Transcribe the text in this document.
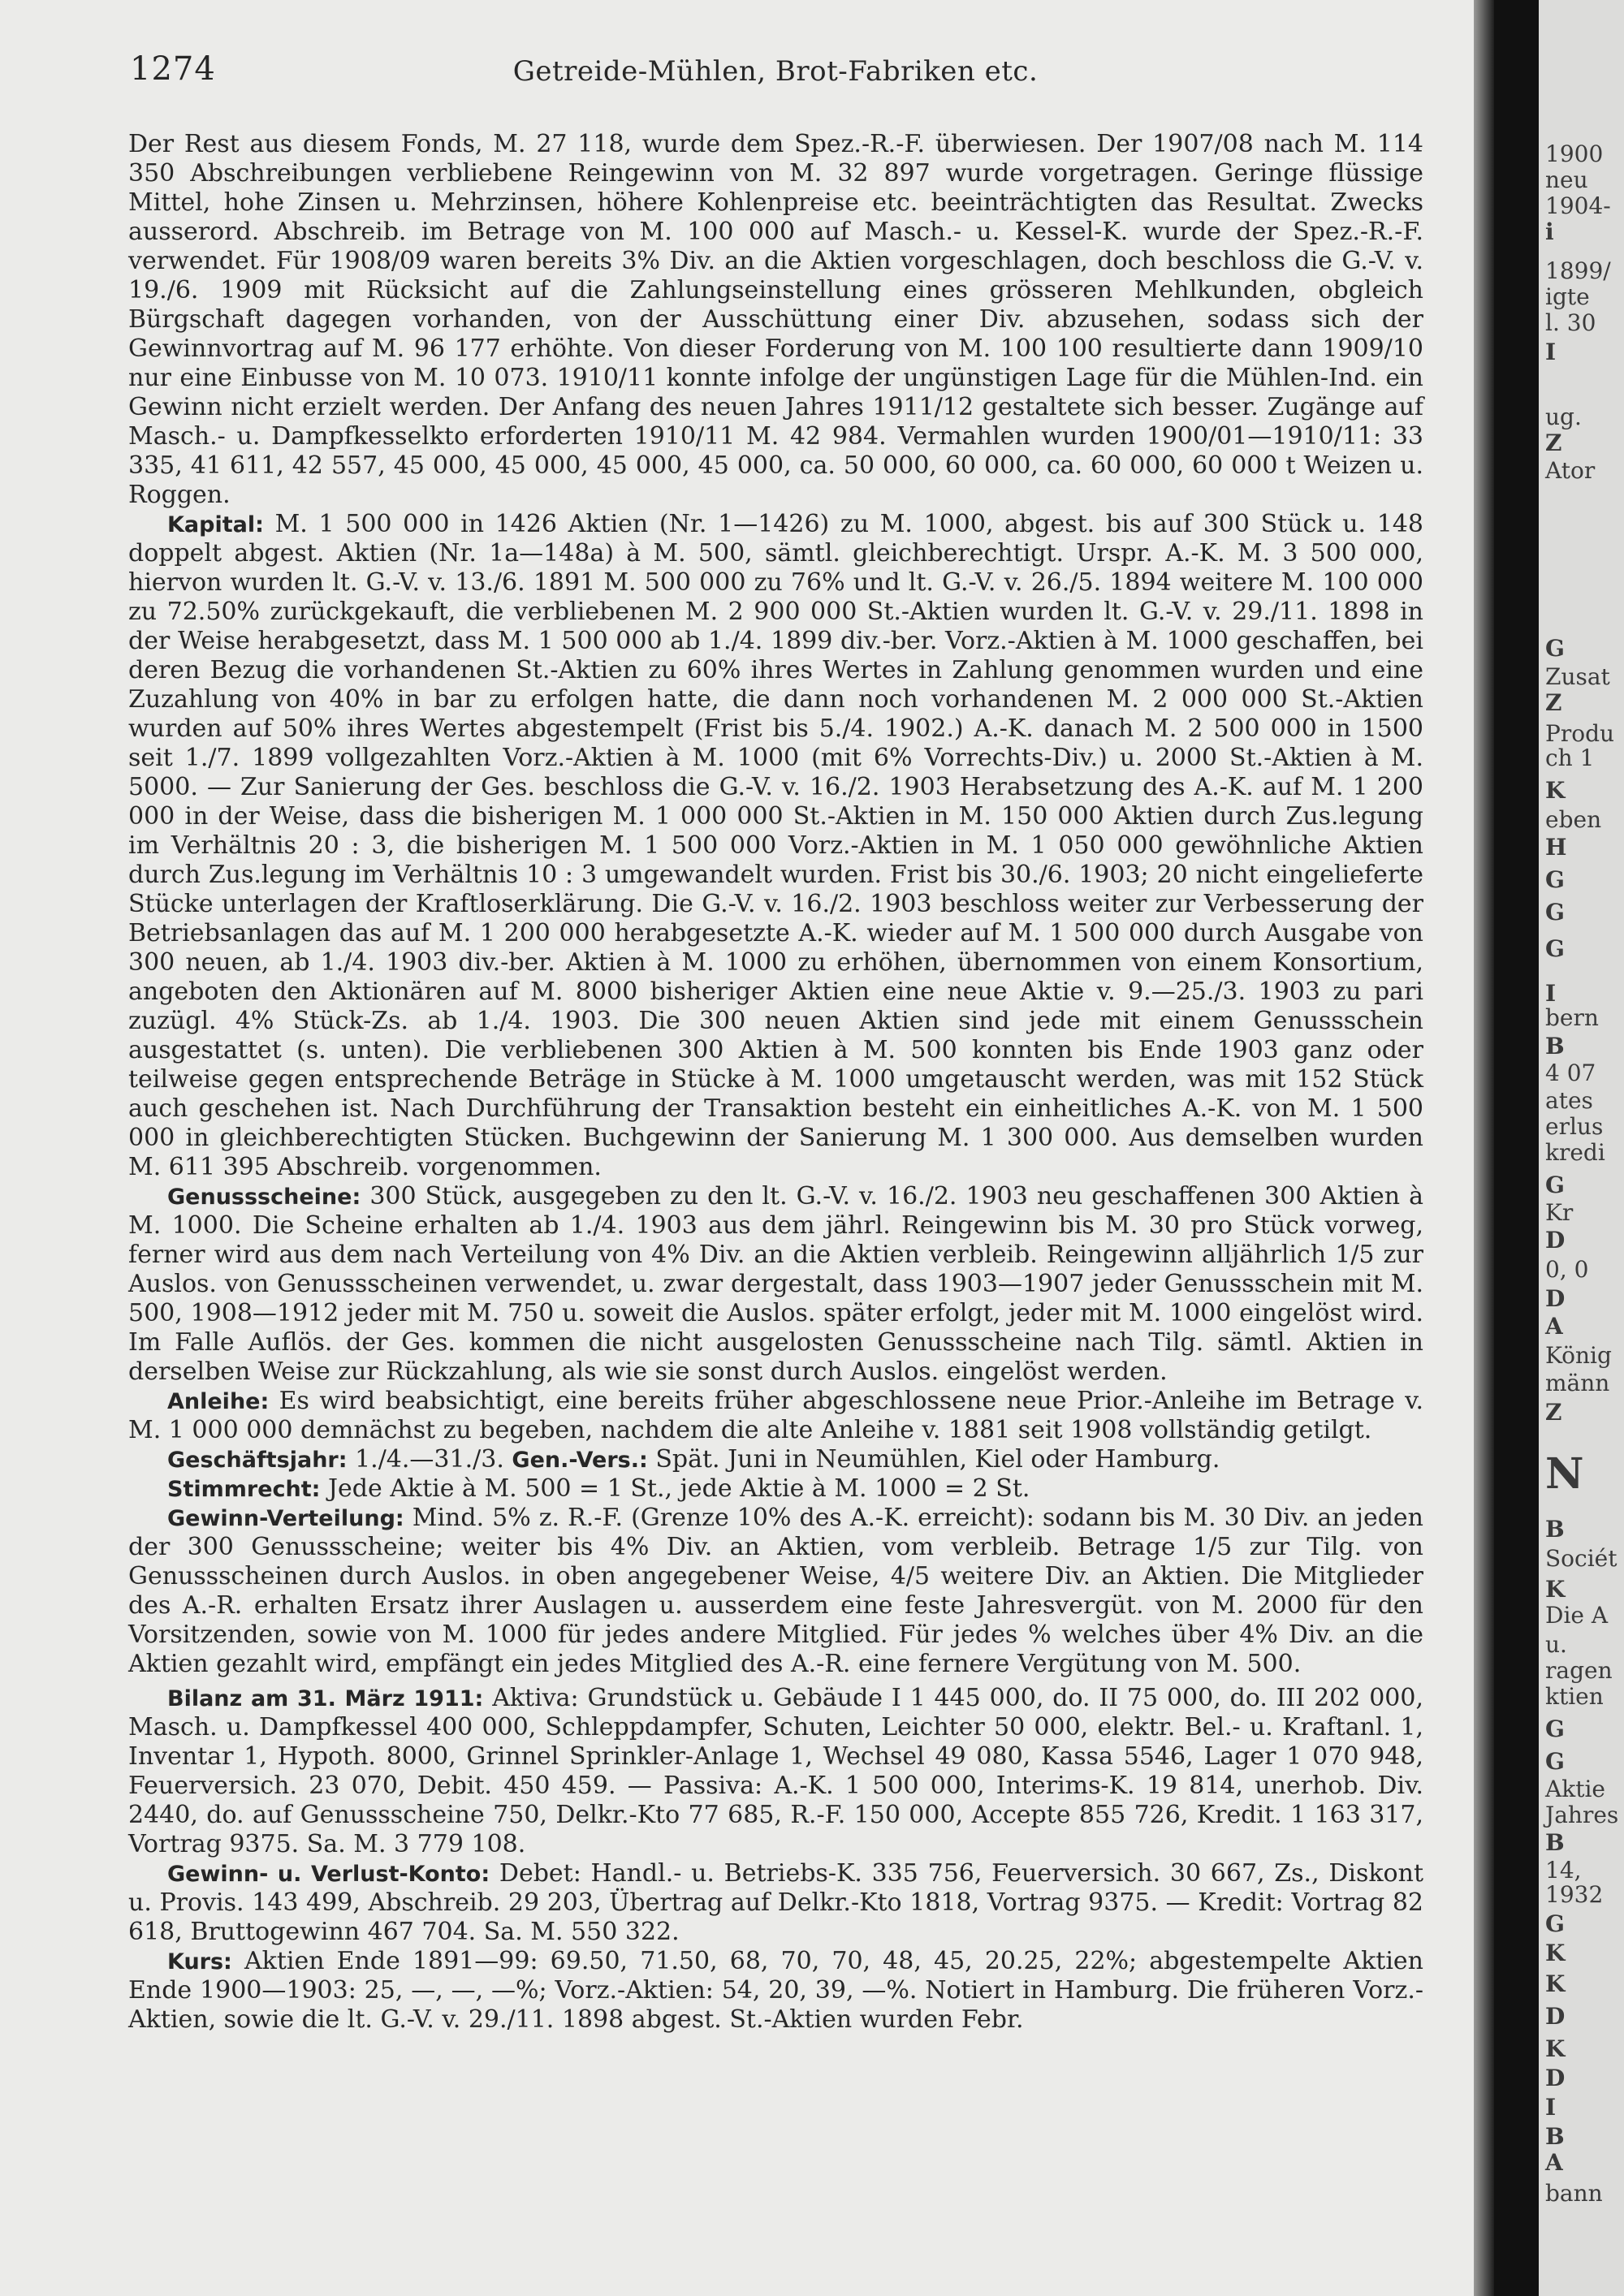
1274	Getreide-Mühlen, Brot-Fabriken etc.

Der Rest aus diesem Fonds, M. 27 118, wurde dem Spez.-R.-F. überwiesen. Der 1907/08 nach M. 114 350 Abschreibungen verbliebene Reingewinn von M. 32 897 wurde vorgetragen. Geringe flüssige Mittel, hohe Zinsen u. Mehrzinsen, höhere Kohlenpreise etc. beeinträchtigten das Resultat. Zwecks ausserord. Abschreib. im Betrage von M. 100 000 auf Masch.- u. Kessel-K. wurde der Spez.-R.-F. verwendet. Für 1908/09 waren bereits 3% Div. an die Aktien vorgeschlagen, doch beschloss die G.-V. v. 19./6. 1909 mit Rücksicht auf die Zahlungseinstellung eines grösseren Mehlkunden, obgleich Bürgschaft dagegen vorhanden, von der Ausschüttung einer Div. abzusehen, sodass sich der Gewinnvortrag auf M. 96 177 erhöhte. Von dieser Forderung von M. 100 100 resultierte dann 1909/10 nur eine Einbusse von M. 10 073. 1910/11 konnte infolge der ungünstigen Lage für die Mühlen-Ind. ein Gewinn nicht erzielt werden. Der Anfang des neuen Jahres 1911/12 gestaltete sich besser. Zugänge auf Masch.- u. Dampfkesselkto erforderten 1910/11 M. 42 984. Vermahlen wurden 1900/01—1910/11: 33 335, 41 611, 42 557, 45 000, 45 000, 45 000, 45 000, ca. 50 000, 60 000, ca. 60 000, 60 000 t Weizen u. Roggen.

Kapital: M. 1 500 000 in 1426 Aktien (Nr. 1—1426) zu M. 1000, abgest. bis auf 300 Stück u. 148 doppelt abgest. Aktien (Nr. 1a—148a) à M. 500, sämtl. gleichberechtigt. Urspr. A.-K. M. 3 500 000, hiervon wurden lt. G.-V. v. 13./6. 1891 M. 500 000 zu 76% und lt. G.-V. v. 26./5. 1894 weitere M. 100 000 zu 72.50% zurückgekauft, die verbliebenen M. 2 900 000 St.-Aktien wurden lt. G.-V. v. 29./11. 1898 in der Weise herabgesetzt, dass M. 1 500 000 ab 1./4. 1899 div.-ber. Vorz.-Aktien à M. 1000 geschaffen, bei deren Bezug die vorhandenen St.-Aktien zu 60% ihres Wertes in Zahlung genommen wurden und eine Zuzahlung von 40% in bar zu erfolgen hatte, die dann noch vorhandenen M. 2 000 000 St.-Aktien wurden auf 50% ihres Wertes abgestempelt (Frist bis 5./4. 1902.) A.-K. danach M. 2 500 000 in 1500 seit 1./7. 1899 vollgezahlten Vorz.-Aktien à M. 1000 (mit 6% Vorrechts-Div.) u. 2000 St.-Aktien à M. 5000. — Zur Sanierung der Ges. beschloss die G.-V. v. 16./2. 1903 Herabsetzung des A.-K. auf M. 1 200 000 in der Weise, dass die bisherigen M. 1 000 000 St.-Aktien in M. 150 000 Aktien durch Zus.legung im Verhältnis 20 : 3, die bisherigen M. 1 500 000 Vorz.-Aktien in M. 1 050 000 gewöhnliche Aktien durch Zus.legung im Verhältnis 10 : 3 umgewandelt wurden. Frist bis 30./6. 1903; 20 nicht eingelieferte Stücke unterlagen der Kraftloserklärung. Die G.-V. v. 16./2. 1903 beschloss weiter zur Verbesserung der Betriebsanlagen das auf M. 1 200 000 herabgesetzte A.-K. wieder auf M. 1 500 000 durch Ausgabe von 300 neuen, ab 1./4. 1903 div.-ber. Aktien à M. 1000 zu erhöhen, übernommen von einem Konsortium, angeboten den Aktionären auf M. 8000 bisheriger Aktien eine neue Aktie v. 9.—25./3. 1903 zu pari zuzügl. 4% Stück-Zs. ab 1./4. 1903. Die 300 neuen Aktien sind jede mit einem Genussschein ausgestattet (s. unten). Die verbliebenen 300 Aktien à M. 500 konnten bis Ende 1903 ganz oder teilweise gegen entsprechende Beträge in Stücke à M. 1000 umgetauscht werden, was mit 152 Stück auch geschehen ist. Nach Durchführung der Transaktion besteht ein einheitliches A.-K. von M. 1 500 000 in gleichberechtigten Stücken. Buchgewinn der Sanierung M. 1 300 000. Aus demselben wurden M. 611 395 Abschreib. vorgenommen.

Genussscheine: 300 Stück, ausgegeben zu den lt. G.-V. v. 16./2. 1903 neu geschaffenen 300 Aktien à M. 1000. Die Scheine erhalten ab 1./4. 1903 aus dem jährl. Reingewinn bis M. 30 pro Stück vorweg, ferner wird aus dem nach Verteilung von 4% Div. an die Aktien verbleib. Reingewinn alljährlich 1/5 zur Auslos. von Genussscheinen verwendet, u. zwar dergestalt, dass 1903—1907 jeder Genussschein mit M. 500, 1908—1912 jeder mit M. 750 u. soweit die Auslos. später erfolgt, jeder mit M. 1000 eingelöst wird. Im Falle Auflös. der Ges. kommen die nicht ausgelosten Genussscheine nach Tilg. sämtl. Aktien in derselben Weise zur Rückzahlung, als wie sie sonst durch Auslos. eingelöst werden.

Anleihe: Es wird beabsichtigt, eine bereits früher abgeschlossene neue Prior.-Anleihe im Betrage v. M. 1 000 000 demnächst zu begeben, nachdem die alte Anleihe v. 1881 seit 1908 vollständig getilgt.

Geschäftsjahr: 1./4.—31./3. Gen.-Vers.: Spät. Juni in Neumühlen, Kiel oder Hamburg.

Stimmrecht: Jede Aktie à M. 500 = 1 St., jede Aktie à M. 1000 = 2 St.

Gewinn-Verteilung: Mind. 5% z. R.-F. (Grenze 10% des A.-K. erreicht): sodann bis M. 30 Div. an jeden der 300 Genussscheine; weiter bis 4% Div. an Aktien, vom verbleib. Betrage 1/5 zur Tilg. von Genussscheinen durch Auslos. in oben angegebener Weise, 4/5 weitere Div. an Aktien. Die Mitglieder des A.-R. erhalten Ersatz ihrer Auslagen u. ausserdem eine feste Jahresvergüt. von M. 2000 für den Vorsitzenden, sowie von M. 1000 für jedes andere Mitglied. Für jedes % welches über 4% Div. an die Aktien gezahlt wird, empfängt ein jedes Mitglied des A.-R. eine fernere Vergütung von M. 500.

Bilanz am 31. März 1911: Aktiva: Grundstück u. Gebäude I 1 445 000, do. II 75 000, do. III 202 000, Masch. u. Dampfkessel 400 000, Schleppdampfer, Schuten, Leichter 50 000, elektr. Bel.- u. Kraftanl. 1, Inventar 1, Hypoth. 8000, Grinnel Sprinkler-Anlage 1, Wechsel 49 080, Kassa 5546, Lager 1 070 948, Feuerversich. 23 070, Debit. 450 459. — Passiva: A.-K. 1 500 000, Interims-K. 19 814, unerhob. Div. 2440, do. auf Genussscheine 750, Delkr.-Kto 77 685, R.-F. 150 000, Accepte 855 726, Kredit. 1 163 317, Vortrag 9375. Sa. M. 3 779 108.

Gewinn- u. Verlust-Konto: Debet: Handl.- u. Betriebs-K. 335 756, Feuerversich. 30 667, Zs., Diskont u. Provis. 143 499, Abschreib. 29 203, Übertrag auf Delkr.-Kto 1818, Vortrag 9375. — Kredit: Vortrag 82 618, Bruttogewinn 467 704. Sa. M. 550 322.

Kurs: Aktien Ende 1891—99: 69.50, 71.50, 68, 70, 70, 48, 45, 20.25, 22%; abgestempelte Aktien Ende 1900—1903: 25, —, —, —%; Vorz.-Aktien: 54, 20, 39, —%. Notiert in Hamburg. Die früheren Vorz.-Aktien, sowie die lt. G.-V. v. 29./11. 1898 abgest. St.-Aktien wurden Febr.

1900
neu
1904-
i
1899/
igte
l. 30
I
ug.
Z
Ator
G
Zusat
Z
Produ
ch 1
K
eben
H
G
G
G
I
bern
B
4 07
ates
erlus
kredi
G
Kr
D
0, 0
D
A
König
männ
Z
N
B
Sociét
K
Die A
u.
ragen
ktien
G
G
Aktie
Jahres
B
14,
1932
G
K
K
D
K
D
I
B
A
bann
